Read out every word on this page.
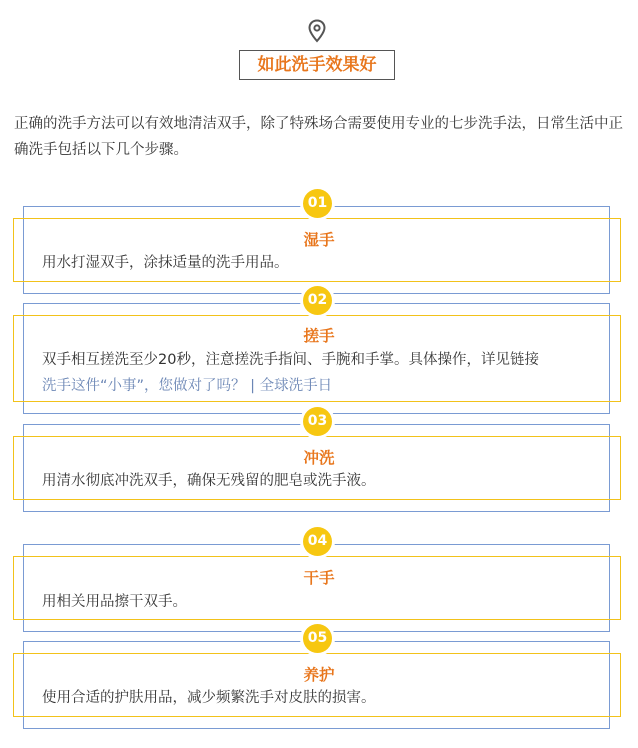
如此洗手效果好
正确的洗手方法可以有效地清洁双手，除了特殊场合需要使用专业的七步洗手法，日常生活中正确洗手包括以下几个步骤。
01
湿手
用水打湿双手，涂抹适量的洗手用品。
02
搓手
双手相互搓洗至少20秒，注意搓洗手指间、手腕和手掌。具体操作，详见链接
洗手这件“小事”，您做对了吗？ | 全球洗手日
03
冲洗
用清水彻底冲洗双手，确保无残留的肥皂或洗手液。
04
干手
用相关用品擦干双手。
05
养护
使用合适的护肤用品，减少频繁洗手对皮肤的损害。
